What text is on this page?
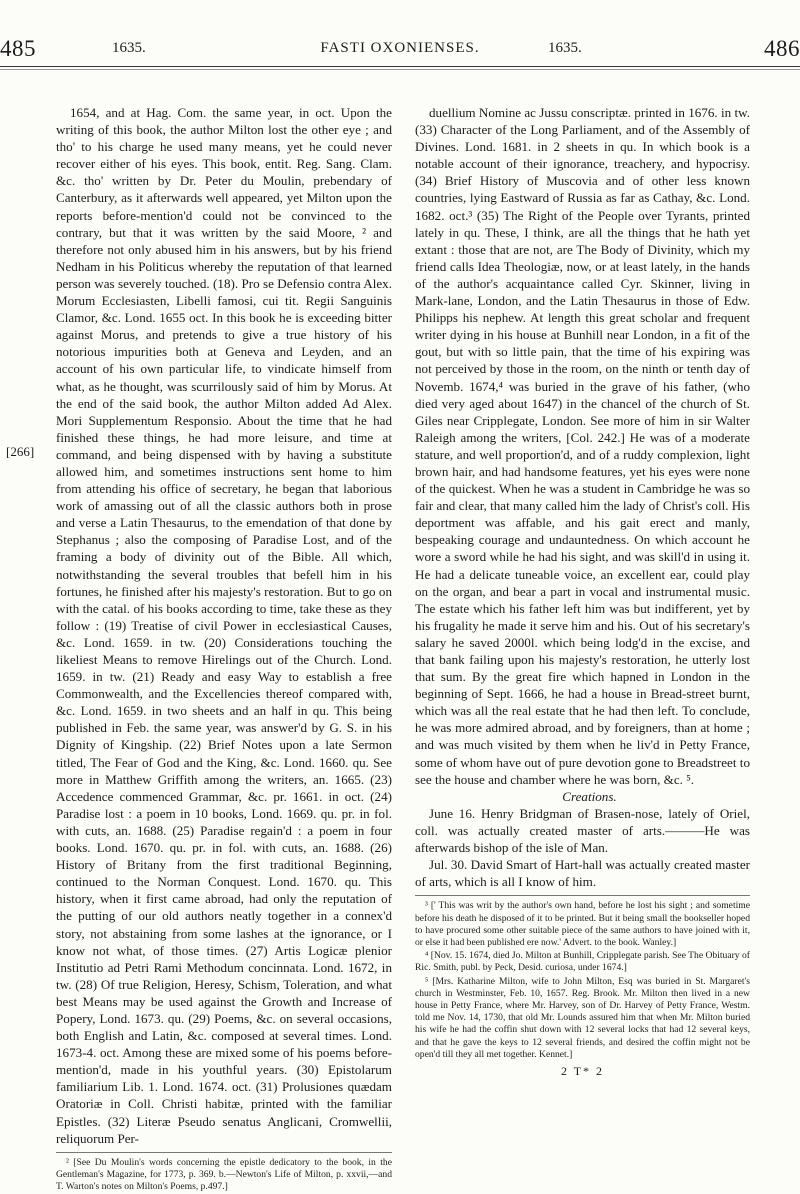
485	1635.	FASTI OXONIENSES.	1635.	486
[266]

1654, and at Hag. Com. the same year, in oct. Upon the writing of this book, the author Milton lost the other eye ; and tho' to his charge he used many means, yet he could never recover either of his eyes. This book, entit. Reg. Sang. Clam. &c. tho' written by Dr. Peter du Moulin, prebendary of Canterbury, as it afterwards well appeared, yet Milton upon the reports before-mention'd could not be convinced to the contrary, but that it was written by the said Moore, ² and therefore not only abused him in his answers, but by his friend Nedham in his Politicus whereby the reputation of that learned person was severely touched. (18). Pro se Defensio contra Alex. Morum Ecclesiasten, Libelli famosi, cui tit. Regii Sanguinis Clamor, &c. Lond. 1655 oct. In this book he is exceeding bitter against Morus, and pretends to give a true history of his notorious impurities both at Geneva and Leyden, and an account of his own particular life, to vindicate himself from what, as he thought, was scurrilously said of him by Morus. At the end of the said book, the author Milton added Ad Alex. Mori Supplementum Responsio. About the time that he had finished these things, he had more leisure, and time at command, and being dispensed with by having a substitute allowed him, and sometimes instructions sent home to him from attending his office of secretary, he began that laborious work of amassing out of all the classic authors both in prose and verse a Latin Thesaurus, to the emendation of that done by Stephanus ; also the composing of Paradise Lost, and of the framing a body of divinity out of the Bible. All which, notwithstanding the several troubles that befell him in his fortunes, he finished after his majesty's restoration. But to go on with the catal. of his books according to time, take these as they follow : (19) Treatise of civil Power in ecclesiastical Causes, &c. Lond. 1659. in tw. (20) Considerations touching the likeliest Means to remove Hirelings out of the Church. Lond. 1659. in tw. (21) Ready and easy Way to establish a free Commonwealth, and the Excellencies thereof compared with, &c. Lond. 1659. in two sheets and an half in qu. This being published in Feb. the same year, was answer'd by G. S. in his Dignity of Kingship. (22) Brief Notes upon a late Sermon titled, The Fear of God and the King, &c. Lond. 1660. qu. See more in Matthew Griffith among the writers, an. 1665. (23) Accedence commenced Grammar, &c. pr. 1661. in oct. (24) Paradise lost : a poem in 10 books, Lond. 1669. qu. pr. in fol. with cuts, an. 1688. (25) Paradise regain'd : a poem in four books. Lond. 1670. qu. pr. in fol. with cuts, an. 1688. (26) History of Britany from the first traditional Beginning, continued to the Norman Conquest. Lond. 1670. qu. This history, when it first came abroad, had only the reputation of the putting of our old authors neatly together in a connex'd story, not abstaining from some lashes at the ignorance, or I know not what, of those times. (27) Artis Logicæ plenior Institutio ad Petri Rami Methodum concinnata. Lond. 1672, in tw. (28) Of true Religion, Heresy, Schism, Toleration, and what best Means may be used against the Growth and Increase of Popery, Lond. 1673. qu. (29) Poems, &c. on several occasions, both English and Latin, &c. composed at several times. Lond. 1673-4. oct. Among these are mixed some of his poems before-mention'd, made in his youthful years. (30) Epistolarum familiarium Lib. 1. Lond. 1674. oct. (31) Prolusiones quædam Oratoriæ in Coll. Christi habitæ, printed with the familiar Epistles. (32) Literæ Pseudo senatus Anglicani, Cromwellii, reliquorum Per-

² [See Du Moulin's words concerning the epistle dedicatory to the book, in the Gentleman's Magazine, for 1773, p. 369. b.—Newton's Life of Milton, p. xxvii,—and T. Warton's notes on Milton's Poems, p.497.]

duellium Nomine ac Jussu conscriptæ. printed in 1676. in tw. (33) Character of the Long Parliament, and of the Assembly of Divines. Lond. 1681. in 2 sheets in qu. In which book is a notable account of their ignorance, treachery, and hypocrisy. (34) Brief History of Muscovia and of other less known countries, lying Eastward of Russia as far as Cathay, &c. Lond. 1682. oct.³ (35) The Right of the People over Tyrants, printed lately in qu. These, I think, are all the things that he hath yet extant : those that are not, are The Body of Divinity, which my friend calls Idea Theologiæ, now, or at least lately, in the hands of the author's acquaintance called Cyr. Skinner, living in Mark-lane, London, and the Latin Thesaurus in those of Edw. Philipps his nephew. At length this great scholar and frequent writer dying in his house at Bunhill near London, in a fit of the gout, but with so little pain, that the time of his expiring was not perceived by those in the room, on the ninth or tenth day of Novemb. 1674,⁴ was buried in the grave of his father, (who died very aged about 1647) in the chancel of the church of St. Giles near Cripplegate, London. See more of him in sir Walter Raleigh among the writers, [Col. 242.] He was of a moderate stature, and well proportion'd, and of a ruddy complexion, light brown hair, and had handsome features, yet his eyes were none of the quickest. When he was a student in Cambridge he was so fair and clear, that many called him the lady of Christ's coll. His deportment was affable, and his gait erect and manly, bespeaking courage and undauntedness. On which account he wore a sword while he had his sight, and was skill'd in using it. He had a delicate tuneable voice, an excellent ear, could play on the organ, and bear a part in vocal and instrumental music. The estate which his father left him was but indifferent, yet by his frugality he made it serve him and his. Out of his secretary's salary he saved 2000l. which being lodg'd in the excise, and that bank failing upon his majesty's restoration, he utterly lost that sum. By the great fire which hapned in London in the beginning of Sept. 1666, he had a house in Bread-street burnt, which was all the real estate that he had then left. To conclude, he was more admired abroad, and by foreigners, than at home ; and was much visited by them when he liv'd in Petty France, some of whom have out of pure devotion gone to Breadstreet to see the house and chamber where he was born, &c. ⁵.

Creations.

June 16. Henry Bridgman of Brasen-nose, lately of Oriel, coll. was actually created master of arts.———He was afterwards bishop of the isle of Man.

Jul. 30. David Smart of Hart-hall was actually created master of arts, which is all I know of him.

³ [' This was writ by the author's own hand, before he lost his sight ; and sometime before his death he disposed of it to be printed. But it being small the bookseller hoped to have procured some other suitable piece of the same authors to have joined with it, or else it had been published ere now.' Advert. to the book. Wanley.]

⁴ [Nov. 15. 1674, died Jo. Milton at Bunhill, Cripplegate parish. See The Obituary of Ric. Smith, publ. by Peck, Desid. curiosa, under 1674.]

⁵ [Mrs. Katharine Milton, wife to John Milton, Esq was buried in St. Margaret's church in Westminster, Feb. 10, 1657. Reg. Brook. Mr. Milton then lived in a new house in Petty France, where Mr. Harvey, son of Dr. Harvey of Petty France, Westm. told me Nov. 14, 1730, that old Mr. Lounds assured him that when Mr. Milton buried his wife he had the coffin shut down with 12 several locks that had 12 several keys, and that he gave the keys to 12 several friends, and desired the coffin might not be open'd till they all met together. Kennet.]

2 T* 2
